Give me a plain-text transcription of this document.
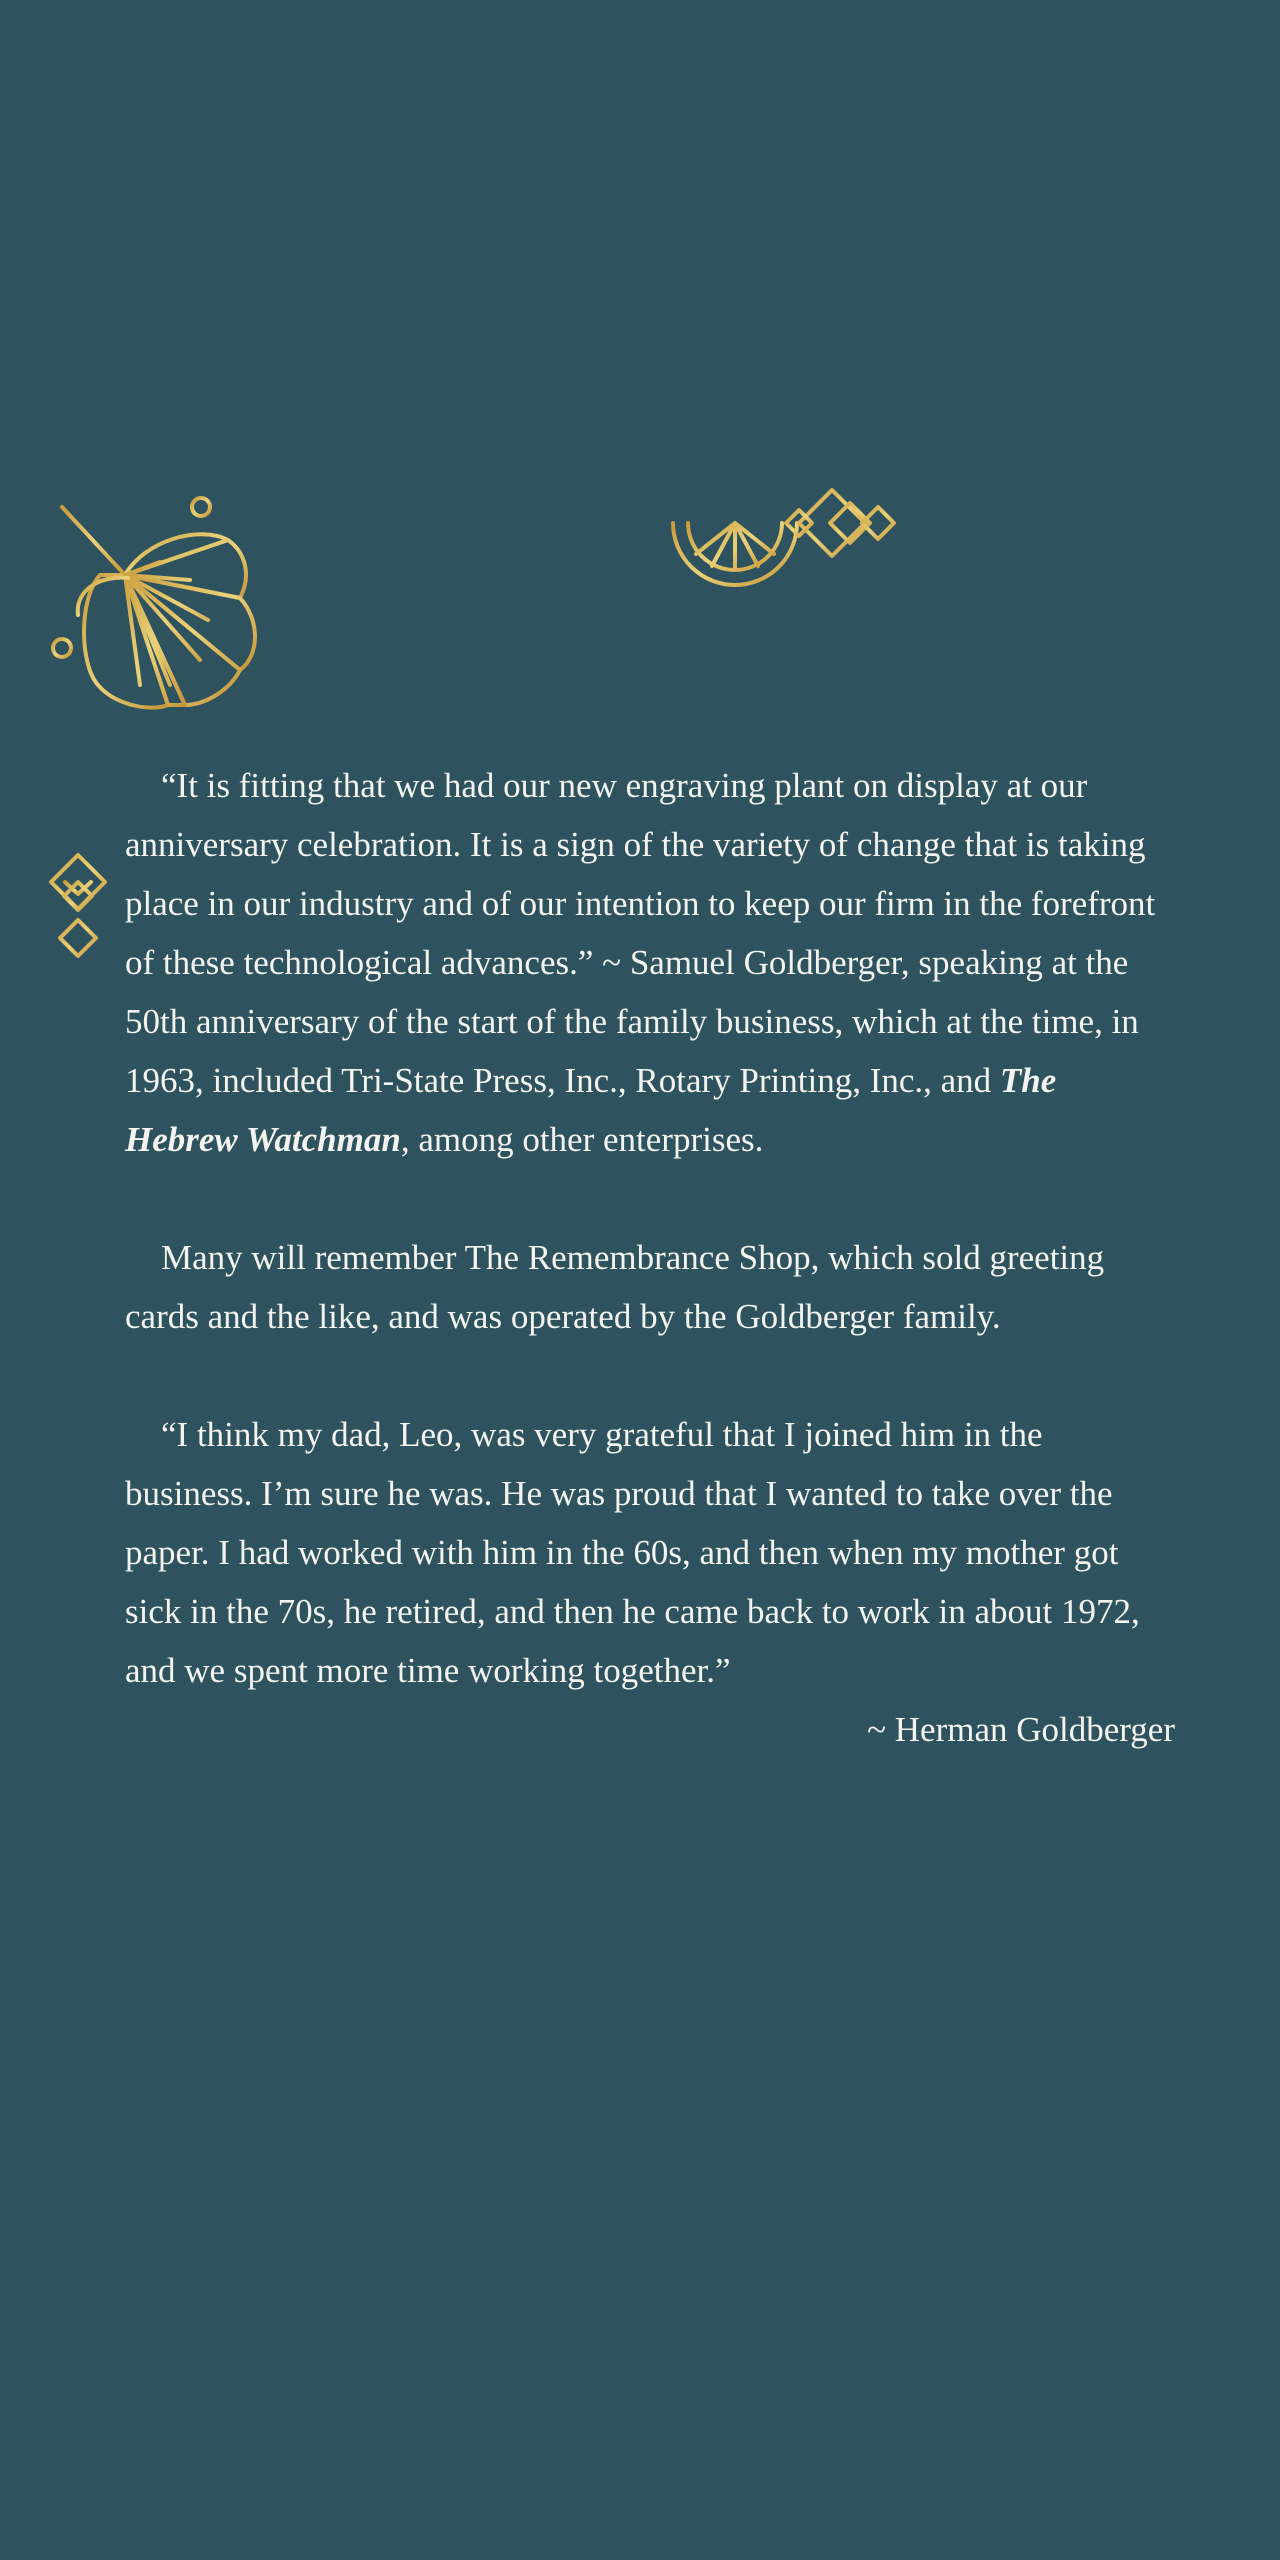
“It is fitting that we had our new engraving plant on display at our anniversary celebration. It is a sign of the variety of change that is taking place in our industry and of our intention to keep our firm in the forefront of these technological advances.” ~ Samuel Goldberger, speaking at the 50th anniversary of the start of the family business, which at the time, in 1963, included Tri-State Press, Inc., Rotary Printing, Inc., and The Hebrew Watchman, among other enterprises.

Many will remember The Remembrance Shop, which sold greeting cards and the like, and was operated by the Goldberger family.

“I think my dad, Leo, was very grateful that I joined him in the business. I’m sure he was. He was proud that I wanted to take over the paper. I had worked with him in the 60s, and then when my mother got sick in the 70s, he retired, and then he came back to work in about 1972, and we spent more time working together.”

~ Herman Goldberger
